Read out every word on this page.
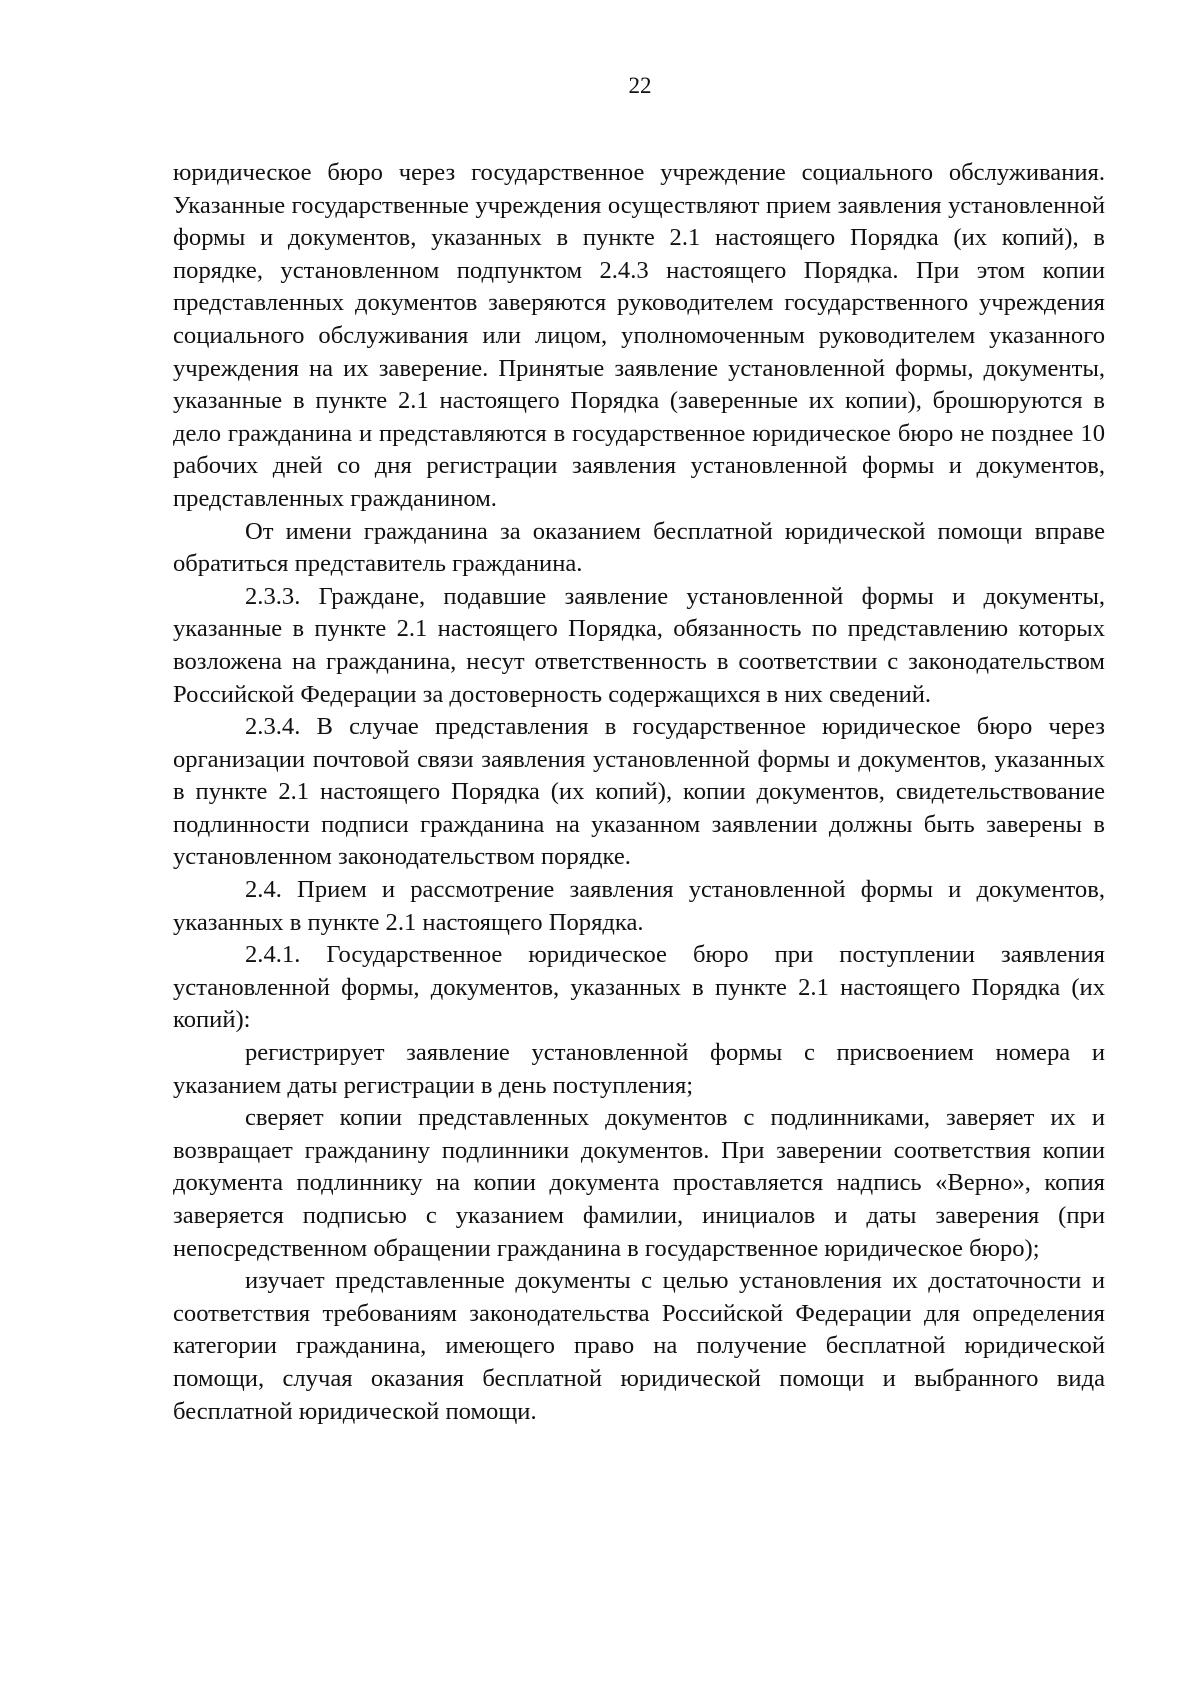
22

юридическое бюро через государственное учреждение социального обслуживания. Указанные государственные учреждения осуществляют прием заявления установленной формы и документов, указанных в пункте 2.1 настоящего Порядка (их копий), в порядке, установленном подпунктом 2.4.3 настоящего Порядка. При этом копии представленных документов заверяются руководителем государственного учреждения социального обслуживания или лицом, уполномоченным руководителем указанного учреждения на их заверение. Принятые заявление установленной формы, документы, указанные в пункте 2.1 настоящего Порядка (заверенные их копии), брошюруются в дело гражданина и представляются в государственное юридическое бюро не позднее 10 рабочих дней со дня регистрации заявления установленной формы и документов, представленных гражданином.

От имени гражданина за оказанием бесплатной юридической помощи вправе обратиться представитель гражданина.

2.3.3. Граждане, подавшие заявление установленной формы и документы, указанные в пункте 2.1 настоящего Порядка, обязанность по представлению которых возложена на гражданина, несут ответственность в соответствии с законодательством Российской Федерации за достоверность содержащихся в них сведений.

2.3.4. В случае представления в государственное юридическое бюро через организации почтовой связи заявления установленной формы и документов, указанных в пункте 2.1 настоящего Порядка (их копий), копии документов, свидетельствование подлинности подписи гражданина на указанном заявлении должны быть заверены в установленном законодательством порядке.

2.4. Прием и рассмотрение заявления установленной формы и документов, указанных в пункте 2.1 настоящего Порядка.

2.4.1. Государственное юридическое бюро при поступлении заявления установленной формы, документов, указанных в пункте 2.1 настоящего Порядка (их копий):

регистрирует заявление установленной формы с присвоением номера и указанием даты регистрации в день поступления;

сверяет копии представленных документов с подлинниками, заверяет их и возвращает гражданину подлинники документов. При заверении соответствия копии документа подлиннику на копии документа проставляется надпись «Верно», копия заверяется подписью с указанием фамилии, инициалов и даты заверения (при непосредственном обращении гражданина в государственное юридическое бюро);

изучает представленные документы с целью установления их достаточности и соответствия требованиям законодательства Российской Федерации для определения категории гражданина, имеющего право на получение бесплатной юридической помощи, случая оказания бесплатной юридической помощи и выбранного вида бесплатной юридической помощи.
